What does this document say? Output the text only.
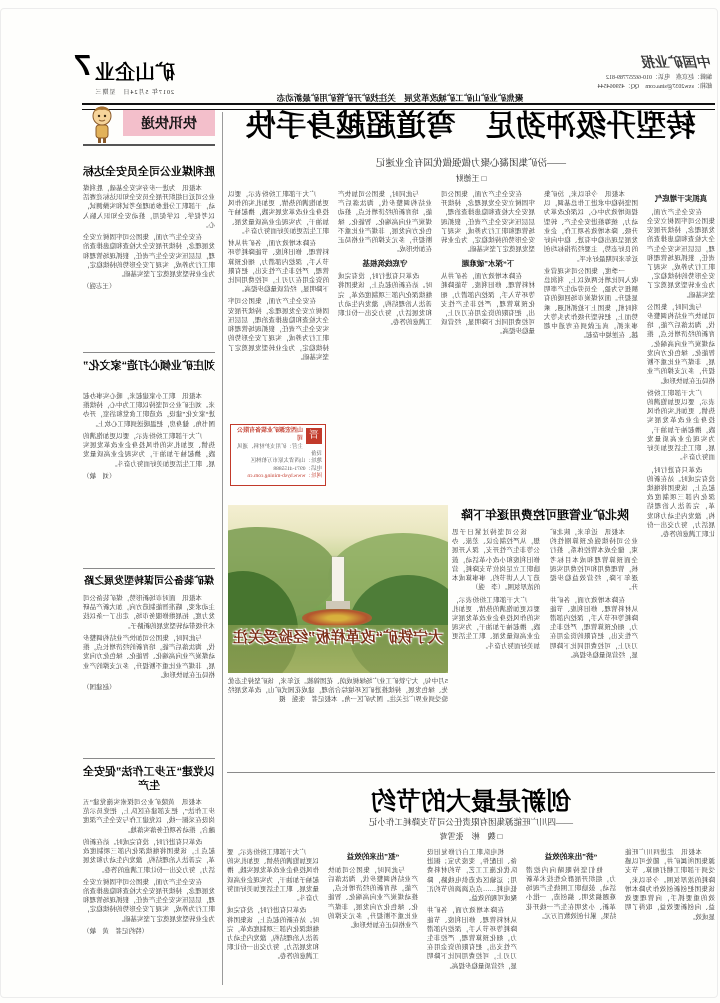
中国矿业报
编辑：赵京燕　电话：010-66557789-812
邮箱：sxw2037@sina.com　QQ：459064544
聚焦矿业矿山矿工矿城改革发展　关注找矿开矿管矿用矿最新动态
矿山企业7
2017年 5月24日　星期三
转型升级冲劲足　弯道超越身手快
——汾矿集团凝心聚力做强做优国有企业速记
□ 王德财

真抓实干增底气

在安全生产方面，集团公司牢固树立安全发展理念，持续开展安全大检查和隐患排查治理，层层压实安全生产责任，狠抓现场管理和职工行为养成，实现了安全形势的持续稳定，为企业转型发展奠定了坚实基础。

与此同时，集团公司加快产业结构调整步伐，淘汰落后产能，培育新的经济增长点，推动煤炭产业向高端化、智能化、绿色化方向发展，非煤产业比重不断提升，多元支撑的产业格局正在加快形成。

广大干部职工纷纷表示，要以更加饱满的热情、更加扎实的作风投身企业改革发展实践，撸起袖子加油干，为实现企业高质量发展、职工生活更加美好而努力奋斗。

改革只有进行时，没有完成时。站在新的起点上，该集团将继续深化内部三项制度改革，完善法人治理结构，激发内生动力和发展活力，努力交出一份让职工满意的答卷。

本报讯　今年以来，汾矿集团坚持稳中求进工作总基调，以提质增效为中心，以深化改革为动力，统筹推进安全生产、转型升级、降本增效各项工作，企业发展呈现出稳中有进、稳中向好的良好态势，主要经济指标均创近年来同期最好水平。

一季度，集团公司实现营业收入同比增长两成以上，利润总额扭亏为盈，全员劳动生产率明显提升。面对煤炭市场回暖的有利时机，集团上下抢抓机遇、乘势而上，把转型升级作为头等大事来抓，真正做到在弯道中超越、在逆境中奋起。

在安全生产方面，集团公司牢固树立安全发展理念，持续开展安全大检查和隐患排查治理，层层压实安全生产责任，狠抓现场管理和职工行为养成，实现了安全形势的持续稳定，为企业转型发展奠定了坚实基础。

下“深水”破难题

在降本增效方面，各矿井从材料管理、修旧利废、节能降耗等环节入手，深挖内部潜力，细化预算管理，严控非生产性支出，把有限的资金用在刀刃上，可控费用同比下降明显，经营质量稳步提高。

与此同时，集团公司加快产业结构调整步伐，淘汰落后产能，培育新的经济增长点，推动煤炭产业向高端化、智能化、绿色化方向发展，非煤产业比重不断提升，多元支撑的产业格局正在加快形成。

守底线筑根基

改革只有进行时，没有完成时。站在新的起点上，该集团将继续深化内部三项制度改革，完善法人治理结构，激发内生动力和发展活力，努力交出一份让职工满意的答卷。

广大干部职工纷纷表示，要以更加饱满的热情、更加扎实的作风投身企业改革发展实践，撸起袖子加油干，为实现企业高质量发展、职工生活更加美好而努力奋斗。

在降本增效方面，各矿井从材料管理、修旧利废、节能降耗等环节入手，深挖内部潜力，细化预算管理，严控非生产性支出，把有限的资金用在刀刃上，可控费用同比下降明显，经营质量稳步提高。

在安全生产方面，集团公司牢固树立安全发展理念，持续开展安全大检查和隐患排查治理，层层压实安全生产责任，狠抓现场管理和职工行为养成，实现了安全形势的持续稳定，为企业转型发展奠定了坚实基础。

晋
山西宏源矿业装备有限公司
主营：矿用支护材料、通风设备
地址：山西省太原市万柏林区
电话：0971-4155888
网址：www.hysb-mining.com.cn
大宁铁矿“改革样板”经验受关注

5月中旬，大宁铁矿工业广场绿树成荫、花团锦簇。近年来，该矿坚持生态优先、绿色发展，持续推进矿区环境综合治理，建成花园式矿山，改革发展经验受到业界广泛关注。图为矿区一角。本报记者　张强　摄

陕北矿业管理可控费用逐年下降

本报讯　近年来，陕北矿业公司持续强化预算刚性约束，健全成本管控体系，推行全面预算管理和成本目标考核，管理费用和可控费用实现逐年下降，经营效益稳步提升。

在降本增效方面，各矿井从材料管理、修旧利废、节能降耗等环节入手，深挖内部潜力，细化预算管理，严控非生产性支出，把有限的资金用在刀刃上，可控费用同比下降明显，经营质量稳步提高。

该公司坚持过紧日子思想，从严控制会议、差旅、办公等非生产性开支，深入开展修旧利废和小改小革活动，鼓励职工立足岗位节支降耗，营造了人人讲节约、事事算成本的浓厚氛围。（李　强）

广大干部职工纷纷表示，要以更加饱满的热情、更加扎实的作风投身企业改革发展实践，撸起袖子加油干，为实现企业高质量发展、职工生活更加美好而努力奋斗。

创新是最大的节约
——四川广旺能源集团有限责任公司节支降耗工作小记
□ 魏　彬　张雪莺

本报讯　走进四川广旺能源集团所属矿井，随处可以感受到干部职工精打细算、节支降耗的浓厚氛围。今年以来，该集团把创新创效作为降本增效的重要抓手，向管理要效益、向创新要效益，取得了明显成效。

“挤”出来的效益

他们坚持眼睛向内挖潜力，组织开展群众性技术革新活动，鼓励职工围绕生产现场难题搞发明、搞创造，一批小革新、小发明在生产一线开花结果，累计创效数百万元。

机电队职工自行修复旧设备、旧配件，变废为宝；掘进队优化施工工艺，节约材料费用；运输区改造供电线路，降低电耗……点点滴滴的节约汇聚成可观的效益。

在降本增效方面，各矿井从材料管理、修旧利废、节能降耗等环节入手，深挖内部潜力，细化预算管理，严控非生产性支出，把有限的资金用在刀刃上，可控费用同比下降明显，经营质量稳步提高。

“抠”出来的效益

与此同时，集团公司加快产业结构调整步伐，淘汰落后产能，培育新的经济增长点，推动煤炭产业向高端化、智能化、绿色化方向发展，非煤产业比重不断提升，多元支撑的产业格局正在加快形成。

广大干部职工纷纷表示，要以更加饱满的热情、更加扎实的作风投身企业改革发展实践，撸起袖子加油干，为实现企业高质量发展、职工生活更加美好而努力奋斗。

改革只有进行时，没有完成时。站在新的起点上，该集团将继续深化内部三项制度改革，完善法人治理结构，激发内生动力和发展活力，努力交出一份让职工满意的答卷。

快讯快递
胜利煤业公司全员安全达标

本报讯　为进一步夯实安全基础，胜利煤业公司近日组织开展全员安全知识达标竞赛活动，干部职工分批参加理论考试和实操测试，以考促学、以学促用，推动安全知识入脑入心。

在安全生产方面，集团公司牢固树立安全发展理念，持续开展安全大检查和隐患排查治理，层层压实安全生产责任，狠抓现场管理和职工行为养成，实现了安全形势的持续稳定，为企业转型发展奠定了坚实基础。

（王志强）

刘庄矿业倾心打造“家文化”

本报讯　职工小家建起来，暖心实事办起来。刘庄矿业公司坚持以职工为中心，持续推进“家文化”建设，改造职工食堂和浴室，开办图书角、健身房，把温暖送到职工心坎上。

广大干部职工纷纷表示，要以更加饱满的热情、更加扎实的作风投身企业改革发展实践，撸起袖子加油干，为实现企业高质量发展、职工生活更加美好而努力奋斗。

（刘　敏）

煤矿装备公司谋转型发展之路

本报讯　面对市场新形势，煤矿装备公司主动求变，瞄准智能制造方向，加大新产品研发力度，拓展维修服务市场，走出了一条以技术升级带动转型发展的新路子。

与此同时，集团公司加快产业结构调整步伐，淘汰落后产能，培育新的经济增长点，推动煤炭产业向高端化、智能化、绿色化方向发展，非煤产业比重不断提升，多元支撑的产业格局正在加快形成。

（赵建国）

以党建“五步工作法”促安全生产

本报讯　黄陵矿业公司探索实施党建“五步工作法”，把支部建在区队上，把党员示范岗设在采掘一线，以党建工作与安全生产深度融合，推动各项任务落实落地。

改革只有进行时，没有完成时。站在新的起点上，该集团将继续深化内部三项制度改革，完善法人治理结构，激发内生动力和发展活力，努力交出一份让职工满意的答卷。

在安全生产方面，集团公司牢固树立安全发展理念，持续开展安全大检查和隐患排查治理，层层压实安全生产责任，狠抓现场管理和职工行为养成，实现了安全形势的持续稳定，为企业转型发展奠定了坚实基础。

（特约记者　黄　敏）
